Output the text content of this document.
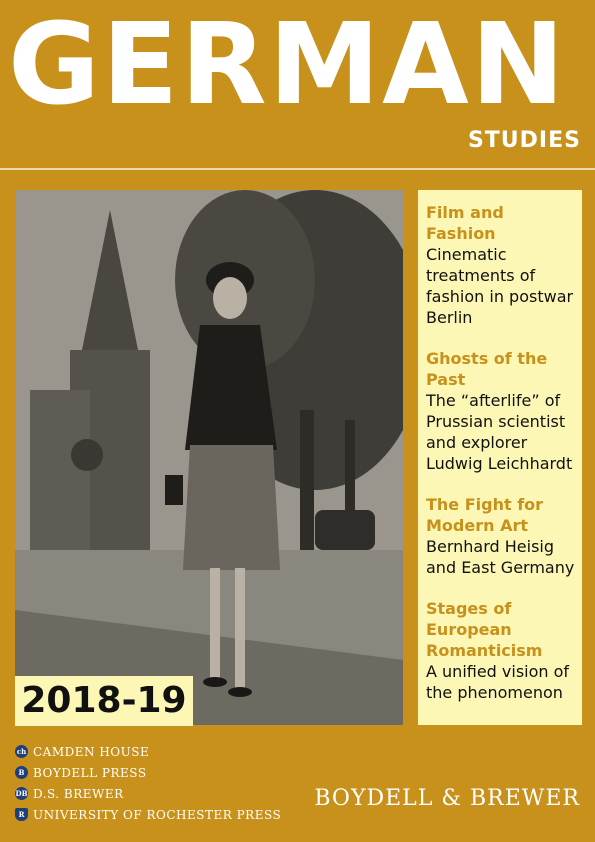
GERMAN
STUDIES
2018-19
Film and Fashion
Cinematic treatments of fashion in postwar Berlin
Ghosts of the Past
The “afterlife” of Prussian scientist and explorer Ludwig Leichhardt
The Fight for Modern Art
Bernhard Heisig and East Germany
Stages of European Romanticism
A unified vision of the phenomenon
ch CAMDEN HOUSE
B BOYDELL PRESS
DB D.S. BREWER
R UNIVERSITY OF ROCHESTER PRESS
BOYDELL & BREWER
